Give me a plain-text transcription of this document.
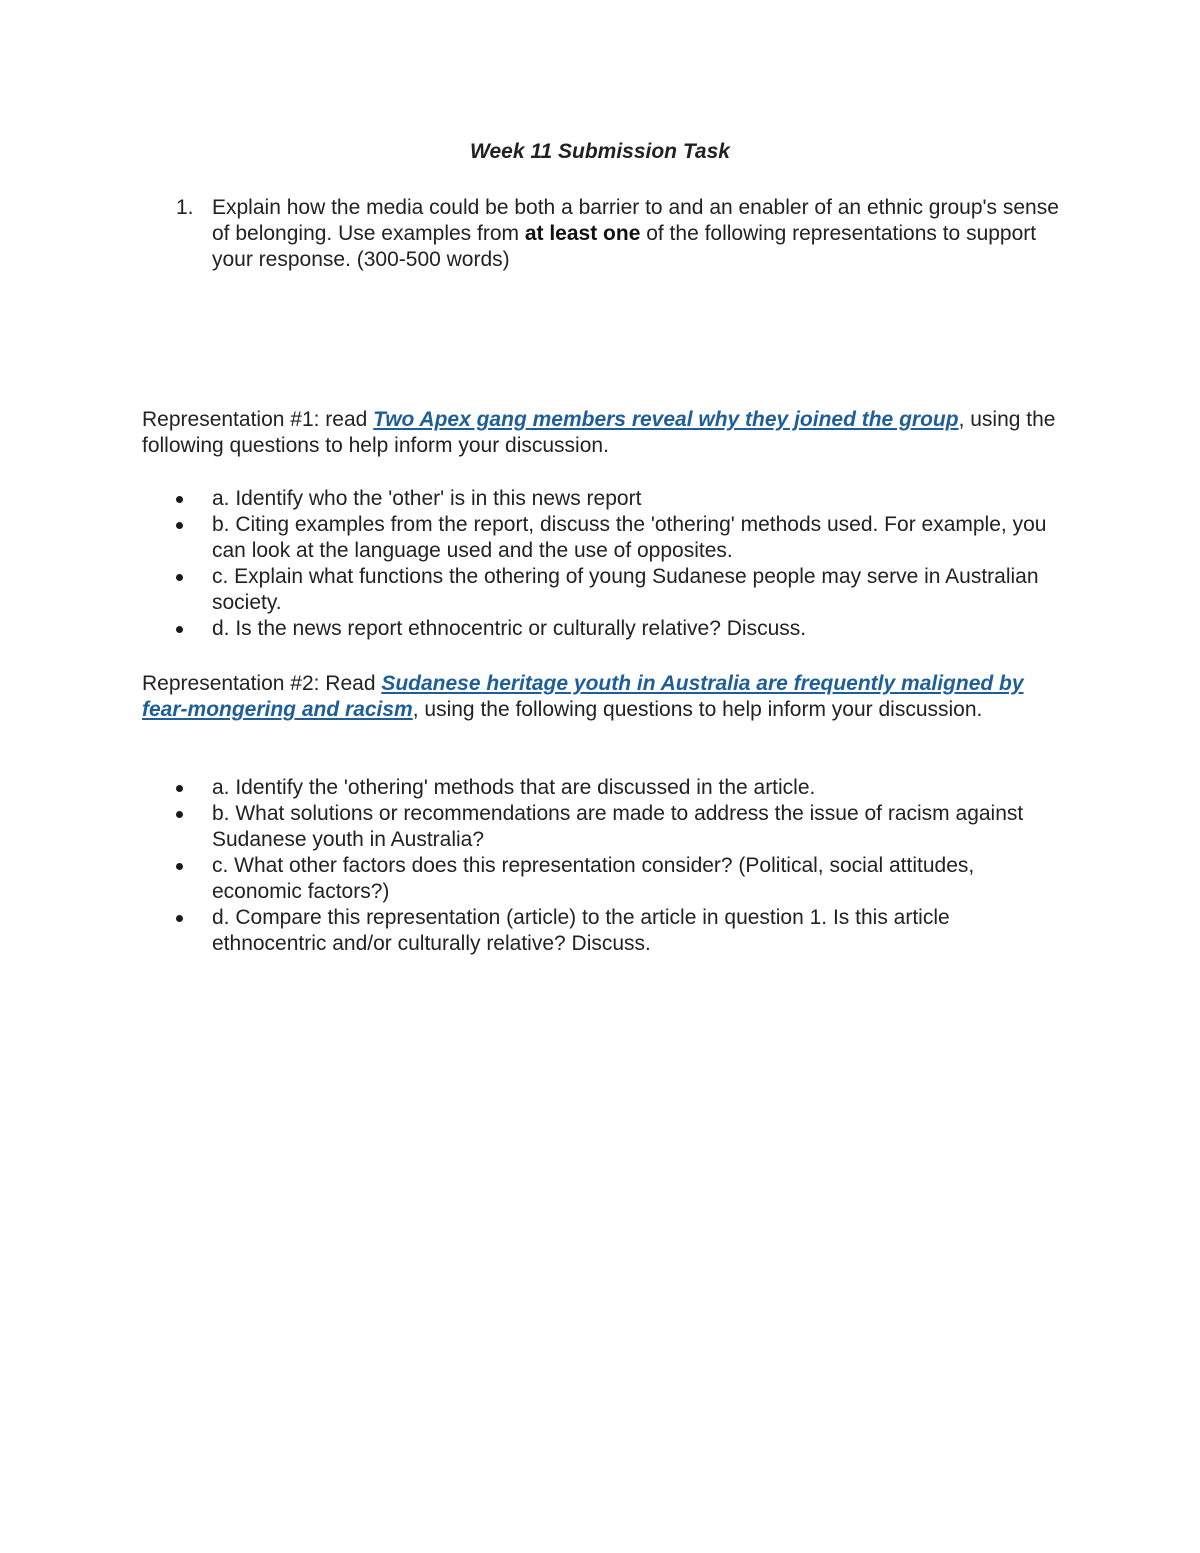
Week 11 Submission Task
1. Explain how the media could be both a barrier to and an enabler of an ethnic group's sense of belonging. Use examples from at least one of the following representations to support your response. (300-500 words)
Representation #1: read Two Apex gang members reveal why they joined the group, using the following questions to help inform your discussion.
a. Identify who the 'other' is in this news report
b. Citing examples from the report, discuss the 'othering' methods used. For example, you can look at the language used and the use of opposites.
c. Explain what functions the othering of young Sudanese people may serve in Australian society.
d. Is the news report ethnocentric or culturally relative? Discuss.
Representation #2: Read Sudanese heritage youth in Australia are frequently maligned by fear-mongering and racism, using the following questions to help inform your discussion.
a. Identify the 'othering' methods that are discussed in the article.
b. What solutions or recommendations are made to address the issue of racism against Sudanese youth in Australia?
c. What other factors does this representation consider? (Political, social attitudes, economic factors?)
d. Compare this representation (article) to the article in question 1. Is this article ethnocentric and/or culturally relative? Discuss.
